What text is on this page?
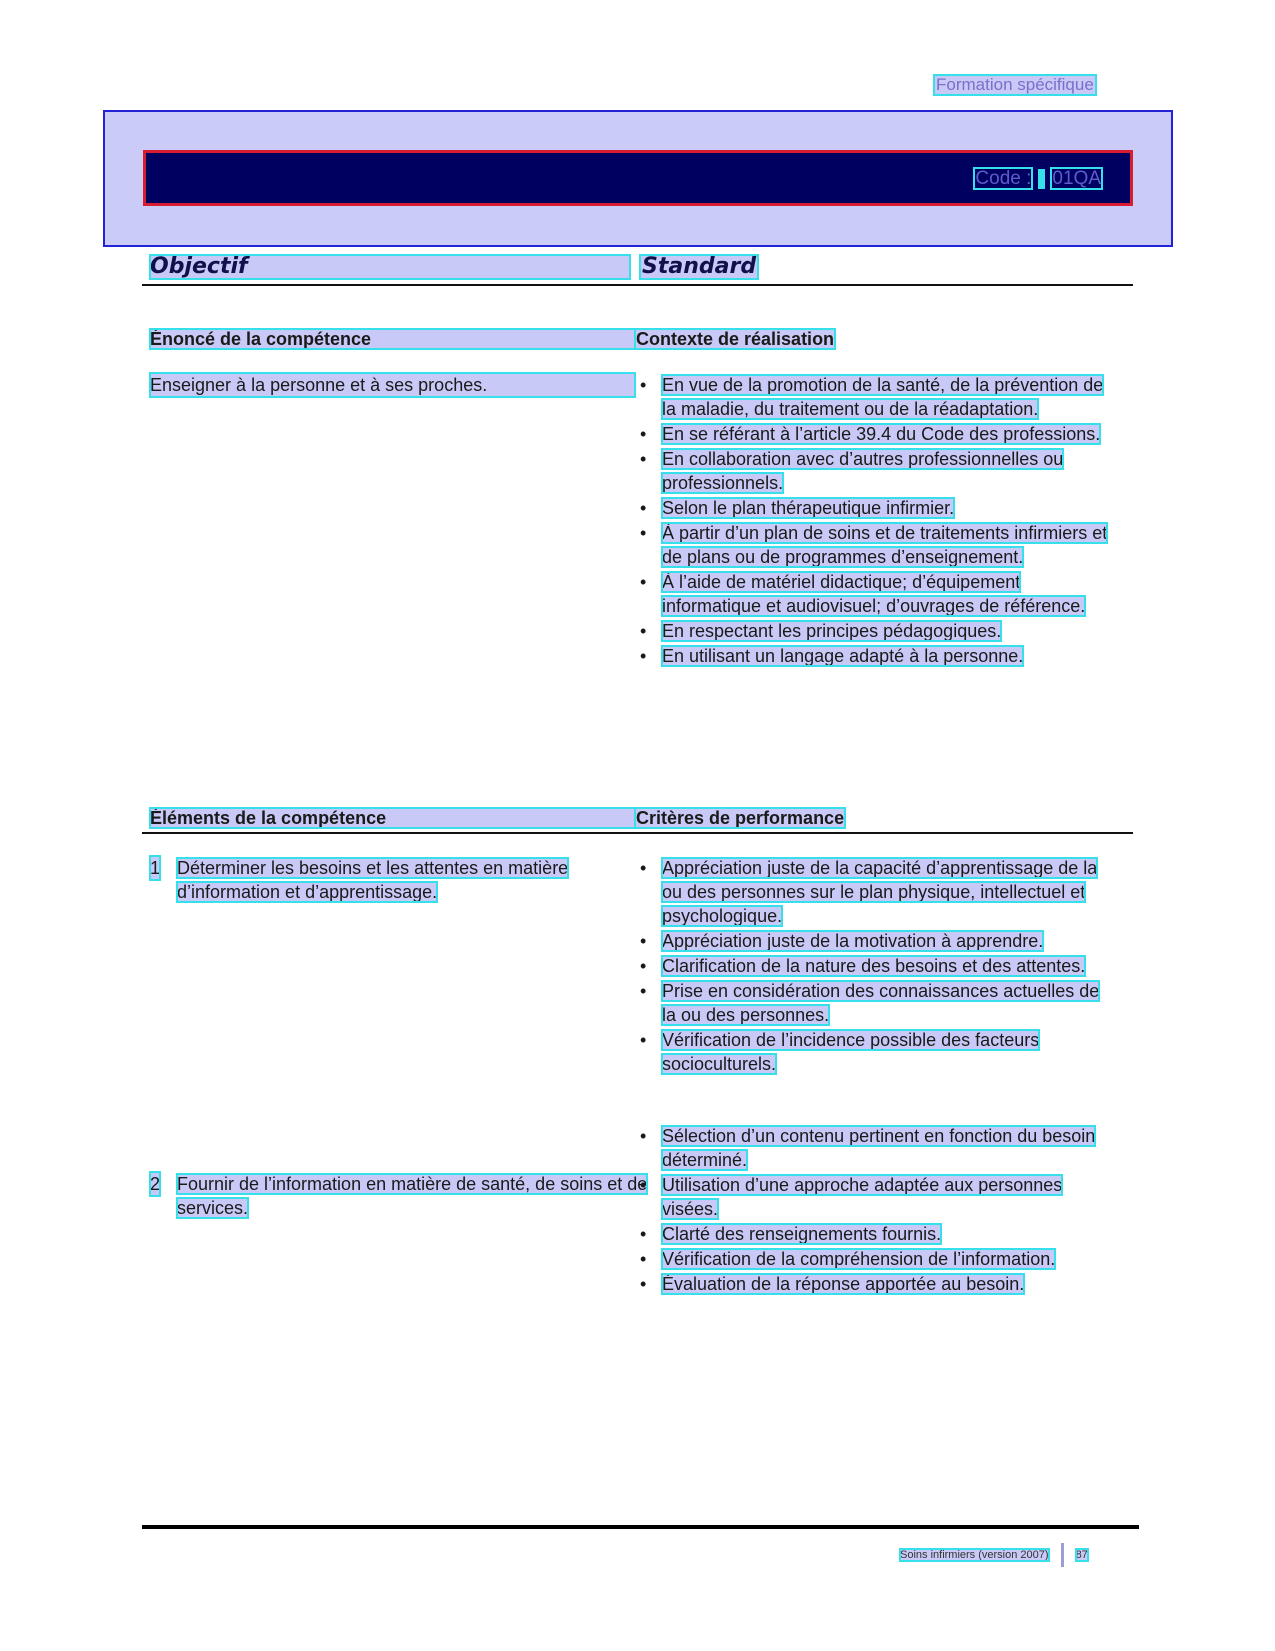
Formation spécifique
Code : 01QA
Objectif	Standard
Énoncé de la compétence	Contexte de réalisation
Enseigner à la personne et à ses proches.
•	En vue de la promotion de la santé, de la prévention de la maladie, du traitement ou de la réadaptation.
• En se référant à l’article 39.4 du Code des professions.
• En collaboration avec d’autres professionnelles ou professionnels.
• Selon le plan thérapeutique infirmier.
• À partir d’un plan de soins et de traitements infirmiers et de plans ou de programmes d’enseignement.
• À l’aide de matériel didactique; d’équipement informatique et audiovisuel; d’ouvrages de référence.
• En respectant les principes pédagogiques.
• En utilisant un langage adapté à la personne.
Éléments de la compétence	Critères de performance
1 Déterminer les besoins et les attentes en matière d’information et d’apprentissage.
• Appréciation juste de la capacité d’apprentissage de la ou des personnes sur le plan physique, intellectuel et psychologique.
• Appréciation juste de la motivation à apprendre.
• Clarification de la nature des besoins et des attentes.
• Prise en considération des connaissances actuelles de la ou des personnes.
• Vérification de l’incidence possible des facteurs socioculturels.
2 Fournir de l’information en matière de santé, de soins et de services.
• Sélection d’un contenu pertinent en fonction du besoin déterminé.
• Utilisation d’une approche adaptée aux personnes visées.
• Clarté des renseignements fournis.
• Vérification de la compréhension de l’information.
• Évaluation de la réponse apportée au besoin.
Soins infirmiers (version 2007) 87
